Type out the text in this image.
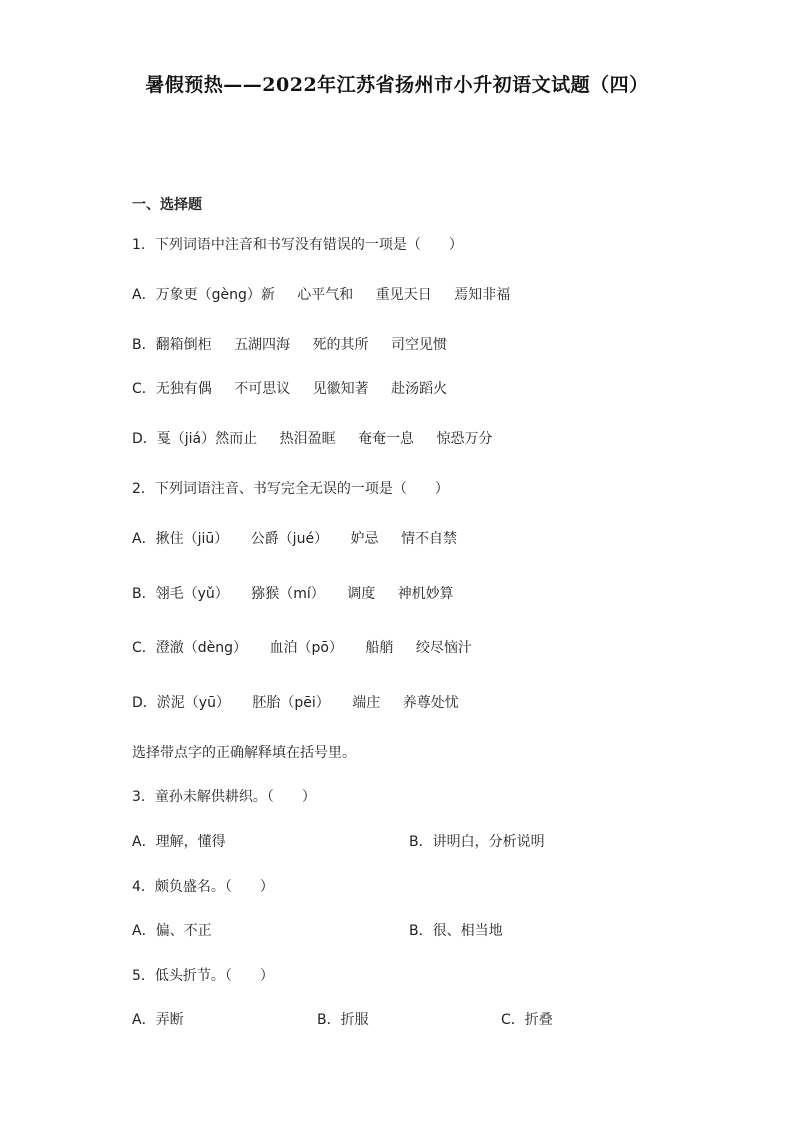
暑假预热——2022年江苏省扬州市小升初语文试题（四）
一、选择题
1．下列词语中注音和书写没有错误的一项是（　　）
A．万象更（gèng）新 心平气和 重见天日 焉知非福
B．翻箱倒柜 五湖四海 死的其所 司空见惯
C．无独有偶 不可思议 见徽知著 赴汤蹈火
D．戛（jiá）然而止 热泪盈眶 奄奄一息 惊恐万分
2．下列词语注音、书写完全无误的一项是（　　）
A．揪住（jiū） 公爵（jué） 妒忌 情不自禁
B．翎毛（yǔ） 猕猴（mí） 调度 神机妙算
C．澄澈（dèng） 血泊（pō） 船艄 绞尽恼汁
D．淤泥（yū） 胚胎（pēi） 端庄 养尊处忧
选择带点字的正确解释填在括号里。
3．童孙未解供耕织。（　　）
A．理解，懂得	B．讲明白，分析说明
4．颇负盛名。（　　）
A．偏、不正	B．很、相当地
5．低头折节。（　　）
A．弄断	B．折服	C．折叠
